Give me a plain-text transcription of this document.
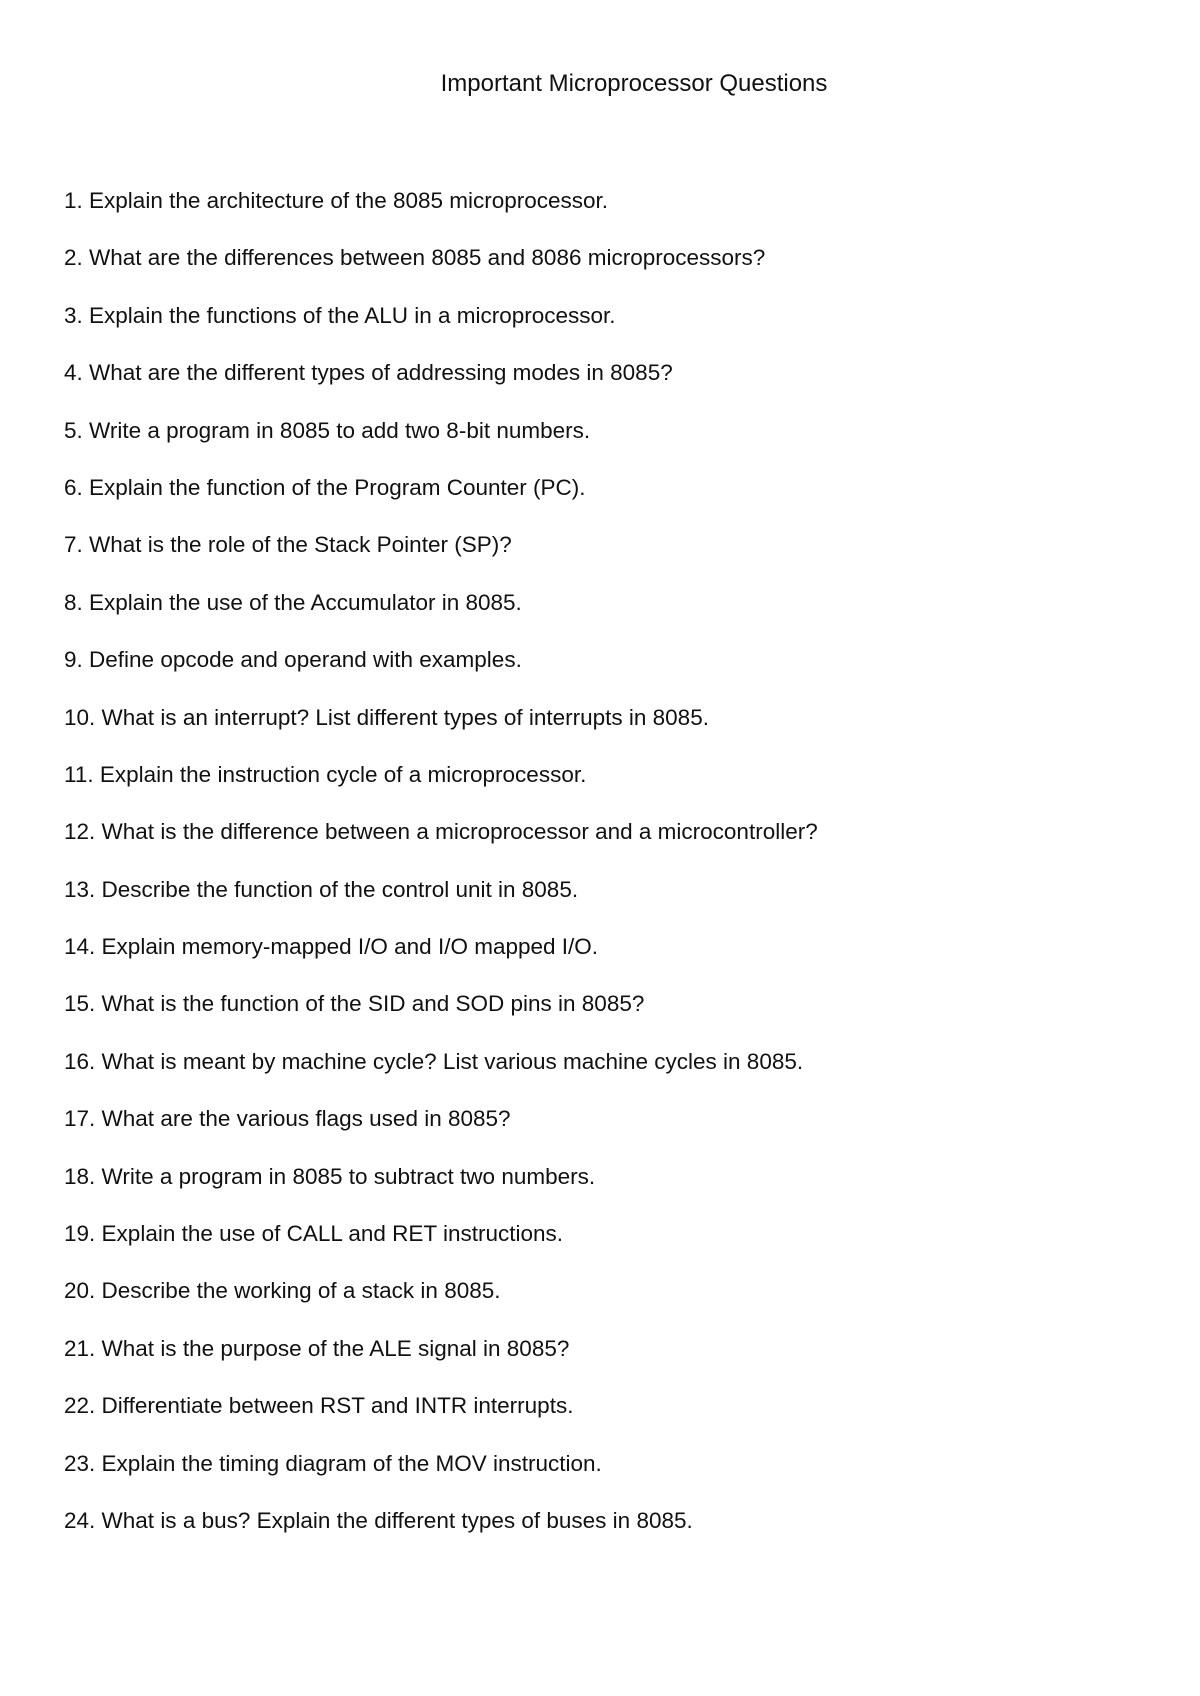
Important Microprocessor Questions
1 . Explain the architecture of the 8085 microprocessor.
2 . What are the differences between 8085 and 8086 microprocessors?
3 . Explain the functions of the ALU in a microprocessor.
4 . What are the different types of addressing modes in 8085?
5 . Write a program in 8085 to add two 8-bit numbers.
6 . Explain the function of the Program Counter (PC).
7 . What is the role of the Stack Pointer (SP)?
8 . Explain the use of the Accumulator in 8085.
9 . Define opcode and operand with examples.
10 . What is an interrupt? List different types of interrupts in 8085.
11 . Explain the instruction cycle of a microprocessor.
12 . What is the difference between a microprocessor and a microcontroller?
13 . Describe the function of the control unit in 8085.
14 . Explain memory-mapped I/O and I/O mapped I/O.
15 . What is the function of the SID and SOD pins in 8085?
16 . What is meant by machine cycle? List various machine cycles in 8085.
17 . What are the various flags used in 8085?
18 . Write a program in 8085 to subtract two numbers.
19 . Explain the use of CALL and RET instructions.
20 . Describe the working of a stack in 8085.
21 . What is the purpose of the ALE signal in 8085?
22 . Differentiate between RST and INTR interrupts.
23 . Explain the timing diagram of the MOV instruction.
24 . What is a bus? Explain the different types of buses in 8085.
